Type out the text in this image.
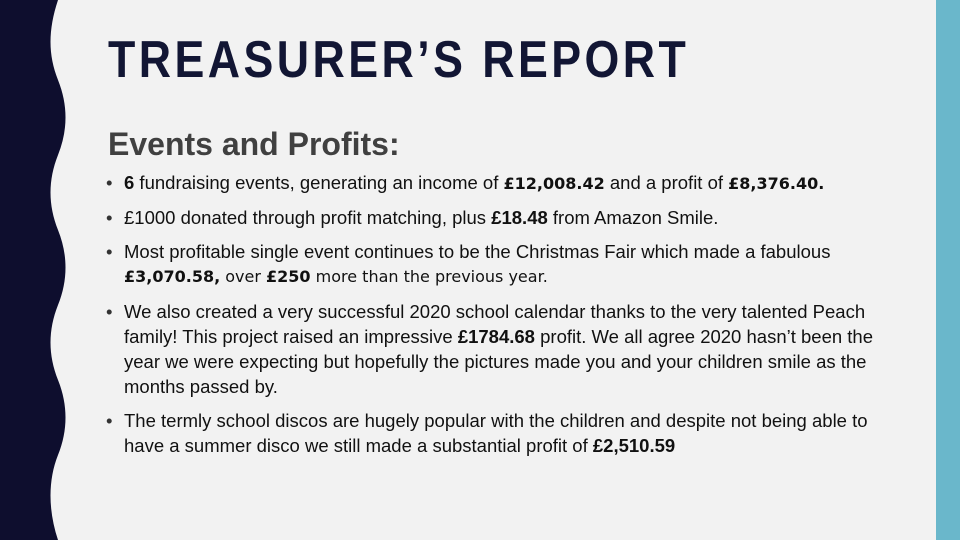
TREASURER’S REPORT
Events and Profits:
• 6 fundraising events, generating an income of £12,008.42 and a profit of £8,376.40.
• £1000 donated through profit matching, plus £18.48 from Amazon Smile.
• Most profitable single event continues to be the Christmas Fair which made a fabulous
£3,070.58, over £250 more than the previous year.
• We also created a very successful 2020 school calendar thanks to the very talented Peach family! This project raised an impressive £1784.68 profit. We all agree 2020 hasn’t been the year we were expecting but hopefully the pictures made you and your children smile as the months passed by.
• The termly school discos are hugely popular with the children and despite not being able to have a summer disco we still made a substantial profit of £2,510.59
